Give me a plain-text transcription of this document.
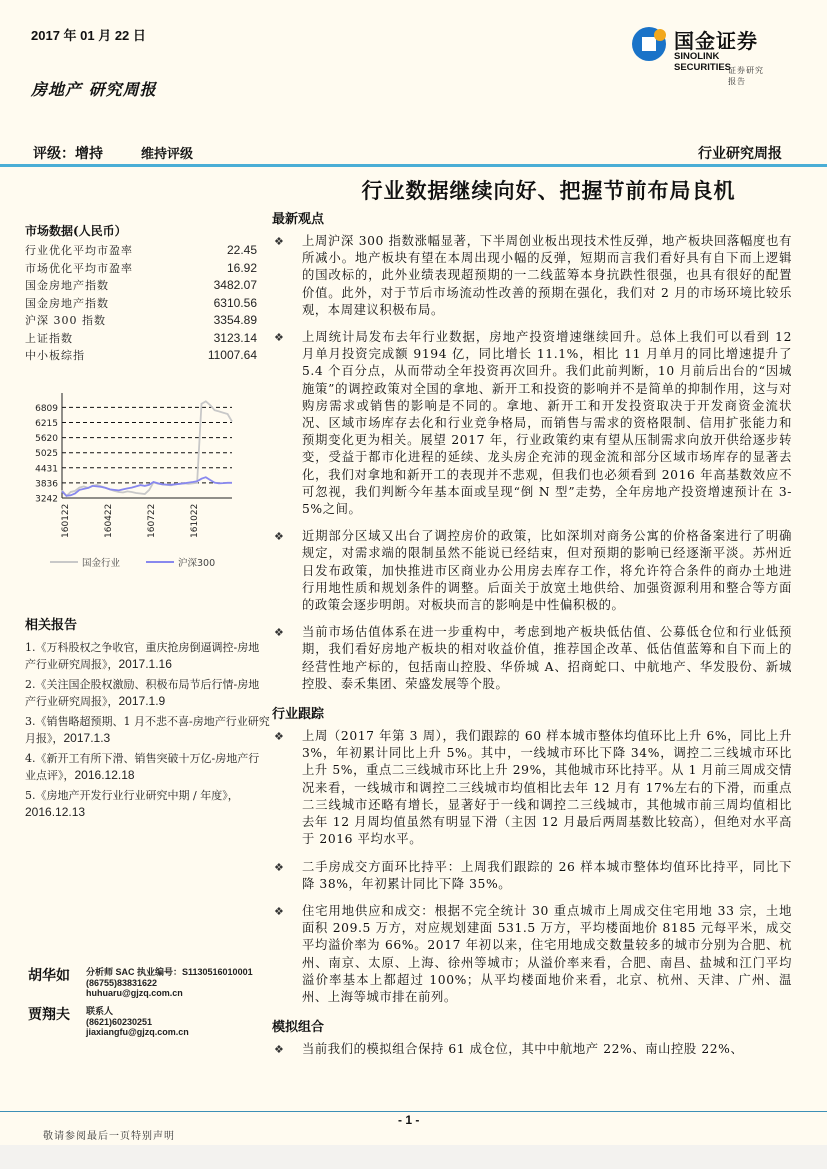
2017 年 01 月 22 日
房地产 研究周报
国金证券
SINOLINK SECURITIES
证券研究报告
评级：增持	维持评级	行业研究周报
行业数据继续向好、把握节前布局良机
市场数据(人民币）
行业优化平均市盈率	22.45
市场优化平均市盈率	16.92
国金房地产指数	3482.07
国金房地产指数	6310.56
沪深 300 指数	3354.89
上证指数	3123.14
中小板综指	11007.64
3242
3836
4431
5025
5620
6215
6809
160122	160422	160722	161022
国金行业	沪深300
相关报告
1.《万科股权之争收官，重庆抢房倒逼调控-房地产行业研究周报》，2017.1.16
2.《关注国企股权激励、积极布局节后行情-房地产行业研究周报》，2017.1.9
3.《销售略超预期、1 月不悲不喜-房地产行业研究月报》，2017.1.3
4.《新开工有所下滑、销售突破十万亿-房地产行业点评》，2016.12.18
5.《房地产开发行业行业研究中期 / 年度》，2016.12.13
胡华如 分析师 SAC 执业编号：S1130516010001
(86755)83831622
huhuaru@gjzq.com.cn
贾翔夫 联系人
(8621)60230251
jiaxiangfu@gjzq.com.cn
最新观点
❖ 上周沪深 300 指数涨幅显著，下半周创业板出现技术性反弹，地产板块回落幅度也有所减小。地产板块有望在本周出现小幅的反弹，短期而言我们看好具有自下而上逻辑的国改标的，此外业绩表现超预期的一二线蓝筹本身抗跌性很强，也具有很好的配置价值。此外，对于节后市场流动性改善的预期在强化，我们对 2 月的市场环境比较乐观，本周建议积极布局。
❖ 上周统计局发布去年行业数据，房地产投资增速继续回升。总体上我们可以看到 12 月单月投资完成额 9194 亿，同比增长 11.1%，相比 11 月单月的同比增速提升了 5.4 个百分点，从而带动全年投资再次回升。我们此前判断，10 月前后出台的“因城施策”的调控政策对全国的拿地、新开工和投资的影响并不是简单的抑制作用，这与对购房需求或销售的影响是不同的。拿地、新开工和开发投资取决于开发商资金流状况、区域市场库存去化和行业竞争格局，而销售与需求的资格限制、信用扩张能力和预期变化更为相关。展望 2017 年，行业政策约束有望从压制需求向放开供给逐步转变，受益于都市化进程的延续、龙头房企充沛的现金流和部分区域市场库存的显著去化，我们对拿地和新开工的表现并不悲观，但我们也必须看到 2016 年高基数效应不可忽视，我们判断今年基本面或呈现“倒 N 型”走势，全年房地产投资增速预计在 3-5%之间。
❖ 近期部分区域又出台了调控房价的政策，比如深圳对商务公寓的价格备案进行了明确规定，对需求端的限制虽然不能说已经结束，但对预期的影响已经逐渐平淡。苏州近日发布政策，加快推进市区商业办公用房去库存工作，将允许符合条件的商办土地进行用地性质和规划条件的调整。后面关于放宽土地供给、加强资源利用和整合等方面的政策会逐步明朗。对板块而言的影响是中性偏积极的。
❖ 当前市场估值体系在进一步重构中，考虑到地产板块低估值、公募低仓位和行业低预期，我们看好房地产板块的相对收益价值，推荐国企改革、低估值蓝筹和自下而上的经营性地产标的，包括南山控股、华侨城 A、招商蛇口、中航地产、华发股份、新城控股、泰禾集团、荣盛发展等个股。
行业跟踪
❖ 上周（2017 年第 3 周），我们跟踪的 60 样本城市整体均值环比上升 6%，同比上升 3%，年初累计同比上升 5%。其中，一线城市环比下降 34%，调控二三线城市环比上升 5%，重点二三线城市环比上升 29%，其他城市环比持平。从 1 月前三周成交情况来看，一线城市和调控二三线城市均值相比去年 12 月有 17%左右的下滑，而重点二三线城市还略有增长，显著好于一线和调控二三线城市，其他城市前三周均值相比去年 12 月周均值虽然有明显下滑（主因 12 月最后两周基数比较高），但绝对水平高于 2016 平均水平。
❖ 二手房成交方面环比持平：上周我们跟踪的 26 样本城市整体均值环比持平，同比下降 38%，年初累计同比下降 35%。
❖ 住宅用地供应和成交：根据不完全统计 30 重点城市上周成交住宅用地 33 宗，土地面积 209.5 万方，对应规划建面 531.5 万方，平均楼面地价 8185 元每平米，成交平均溢价率为 66%。2017 年初以来，住宅用地成交数量较多的城市分别为合肥、杭州、南京、太原、上海、徐州等城市；从溢价率来看，合肥、南昌、盐城和江门平均溢价率基本上都超过 100%；从平均楼面地价来看，北京、杭州、天津、广州、温州、上海等城市排在前列。
模拟组合
❖ 当前我们的模拟组合保持 61 成仓位，其中中航地产 22%、南山控股 22%、
- 1 -
敬请参阅最后一页特别声明
